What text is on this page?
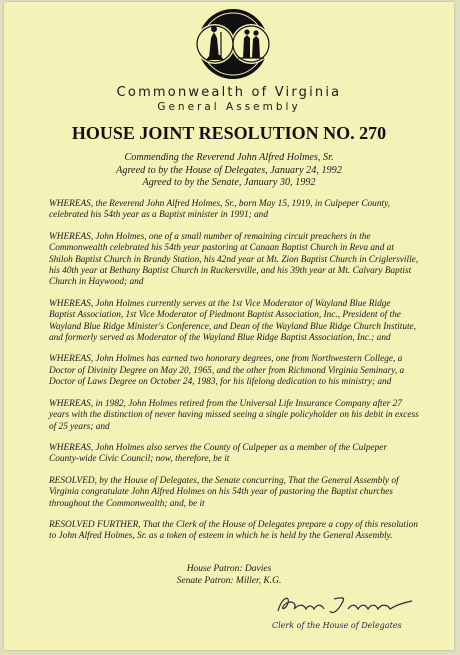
Commonwealth of Virginia
General Assembly
HOUSE JOINT RESOLUTION NO. 270
Commending the Reverend John Alfred Holmes, Sr.
Agreed to by the House of Delegates, January 24, 1992
Agreed to by the Senate, January 30, 1992

WHEREAS, the Reverend John Alfred Holmes, Sr., born May 15, 1919, in Culpeper County, celebrated his 54th year as a Baptist minister in 1991; and

WHEREAS, John Holmes, one of a small number of remaining circuit preachers in the Commonwealth celebrated his 54th year pastoring at Canaan Baptist Church in Reva and at Shiloh Baptist Church in Brandy Station, his 42nd year at Mt. Zion Baptist Church in Criglersville, his 40th year at Bethany Baptist Church in Ruckersville, and his 39th year at Mt. Calvary Baptist Church in Haywood; and

WHEREAS, John Holmes currently serves at the 1st Vice Moderator of Wayland Blue Ridge Baptist Association, 1st Vice Moderator of Piedmont Baptist Association, Inc., President of the Wayland Blue Ridge Minister's Conference, and Dean of the Wayland Blue Ridge Church Institute, and formerly served as Moderator of the Wayland Blue Ridge Baptist Association, Inc.; and

WHEREAS, John Holmes has earned two honorary degrees, one from Northwestern College, a Doctor of Divinity Degree on May 20, 1965, and the other from Richmond Virginia Seminary, a Doctor of Laws Degree on October 24, 1983, for his lifelong dedication to his ministry; and

WHEREAS, in 1982, John Holmes retired from the Universal Life Insurance Company after 27 years with the distinction of never having missed seeing a single policyholder on his debit in excess of 25 years; and

WHEREAS, John Holmes also serves the County of Culpeper as a member of the Culpeper County-wide Civic Council; now, therefore, be it

RESOLVED, by the House of Delegates, the Senate concurring, That the General Assembly of Virginia congratulate John Alfred Holmes on his 54th year of pastoring the Baptist churches throughout the Commonwealth; and, be it

RESOLVED FURTHER, That the Clerk of the House of Delegates prepare a copy of this resolution to John Alfred Holmes, Sr. as a token of esteem in which he is held by the General Assembly.

House Patron: Davies
Senate Patron: Miller, K.G.
Clerk of the House of Delegates
